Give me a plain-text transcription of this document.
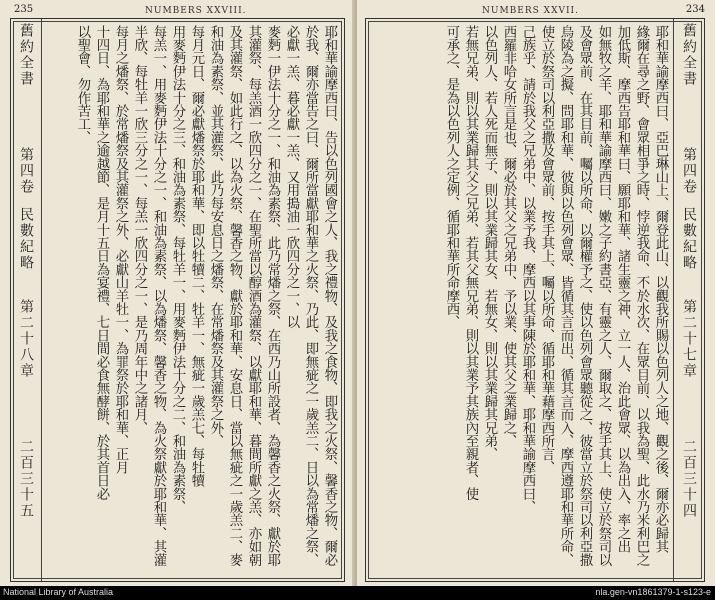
235	NUMBERS XXVIII.
舊約全書
第四卷
民數紀略
第二十八章
二百三十五
耶和華諭摩西曰、告以色列國會之人、我之禮物、及我之食物、即我之火祭、馨香之物、爾必
於我、爾亦當告之曰、爾所當獻耶和華之火祭、乃此、即無疵之一歲羔二、日以為常燔之祭、
必獻一羔、暮必獻一羔、又用搗油一欣四分之一、以
麥麪一伊法十分之一、和油為素祭、此乃常燔之祭、在西乃山所設者、為馨香之火祭、獻於耶
其灌祭、每羔酒一欣四分之一、在聖所當以醇酒為灌祭、以獻耶和華、暮間所獻之羔、亦如朝
及其灌祭、如此行之、以為火祭、馨香之物、獻於耶和華、安息日、當以無疵之一歲羔二、麥
和油為素祭、並其灌祭、此乃每安息日之燔祭、在常燔祭及其灌祭之外、
每月元日、爾必獻燔祭於耶和華、即以牡犢二、牡羊一、無疵一歲羔七、每牡犢
用麥麪伊法十分之三、和油為素祭、每牡羊一、用麥麪伊法十分之二、和油為素祭、
每羔一、用麥麪伊法十分之一、和油為素祭、以為燔祭、馨香之物、為火祭獻於耶和華、其灌
半欣、每牡羊一欣三分之一、每羔一欣四分之一、是乃周年中之諸月、
每月之燔祭、於常燔祭及其灌祭之外、必獻山羊牡一、為罪祭於耶和華、正月
十四日、為耶和華之逾越節、是月十五日為宴禮、七日間必食無酵餅、於其首日必
以聖會、勿作苦工、
234
NUMBERS XXVII.
舊約全書
第四卷
民數紀略
第二十七章
二百三十四
耶和華諭摩西曰、亞巴琳山上、爾登此山、以觀我所賜以色列人之地、觀之後、爾亦必歸其
緣爾在尋之野、會眾相爭之時、悖逆我命、不於水次、在眾目前、以我為聖、此水乃米利巴之
加低斯、摩西告耶和華曰、願耶和華、諸生靈之神、立一人、治此會眾、以為出入、率之出
如無牧之羊、耶和華諭摩西曰、嫩之子約書亞、有靈之人、爾取之、按手其上、使立於祭司以
及會眾前、在其目前、囑以所命、以爾權予之、使以色列會眾聽從之、彼當立於祭司以利亞撒
烏陵為之擬、問耶和華、彼與以色列會眾、皆循其言而出、循其言而入、摩西遵耶和華所命、
使立於祭司以利亞撒及會眾前、按手其上、囑以所命、循耶和華藉摩西所言、
己族乎、請於我父之兄弟中、以業予我、摩西以其事陳於耶和華、耶和華諭摩西曰、
西羅非哈女所言是也、爾必於其父之兄弟中、予以業、使其父之業歸之、
以色列人、若人死而無子、則以其業歸其女、若無女、則以其業歸其兄弟、
若無兄弟、則以其業歸其父之兄弟、若其父無兄弟、則以其業予其族內至親者、使
可承之、是為以色列人之定例、循耶和華所命摩西、
National Library of Australia	nla.gen-vn1861379-1-s123-e
